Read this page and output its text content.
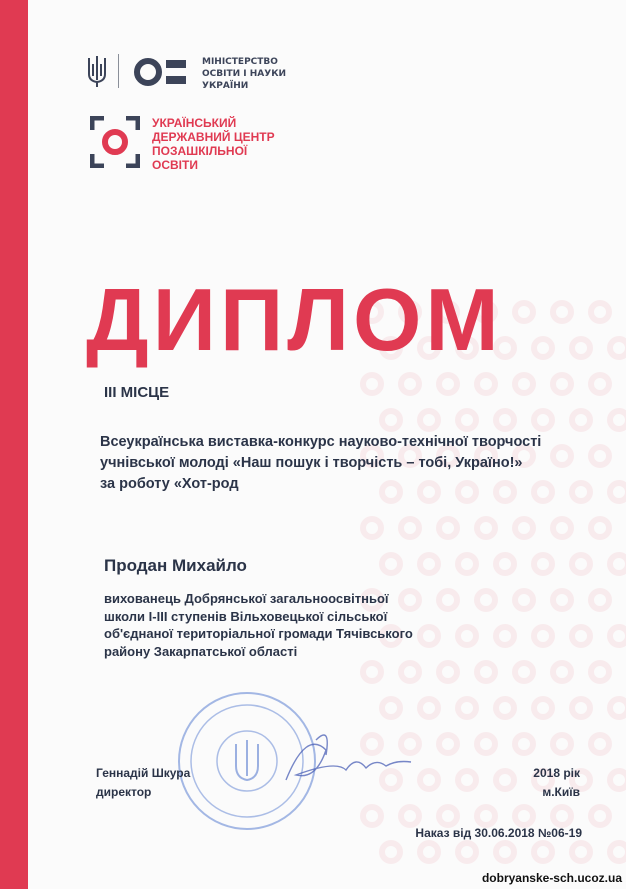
МІНІСТЕРСТВО
ОСВІТИ І НАУКИ
УКРАЇНИ
УКРАЇНСЬКИЙ
ДЕРЖАВНИЙ ЦЕНТР
ПОЗАШКІЛЬНОЇ
ОСВІТИ
ДИПЛОМ
III МІСЦЕ
Всеукраїнська виставка-конкурс науково-технічної творчості
учнівської молоді «Наш пошук і творчість – тобі, Україно!»
за роботу «Хот-род
Продан Михайло
вихованець Добрянської загальноосвітньої
школи І-ІІІ ступенів Вільховецької сільської
об'єднаної територіальної громади Тячівського
району Закарпатської області
Геннадій Шкура
директор
2018 рік
м.Київ
Наказ від 30.06.2018 №06-19
dobryanske-sch.ucoz.ua
